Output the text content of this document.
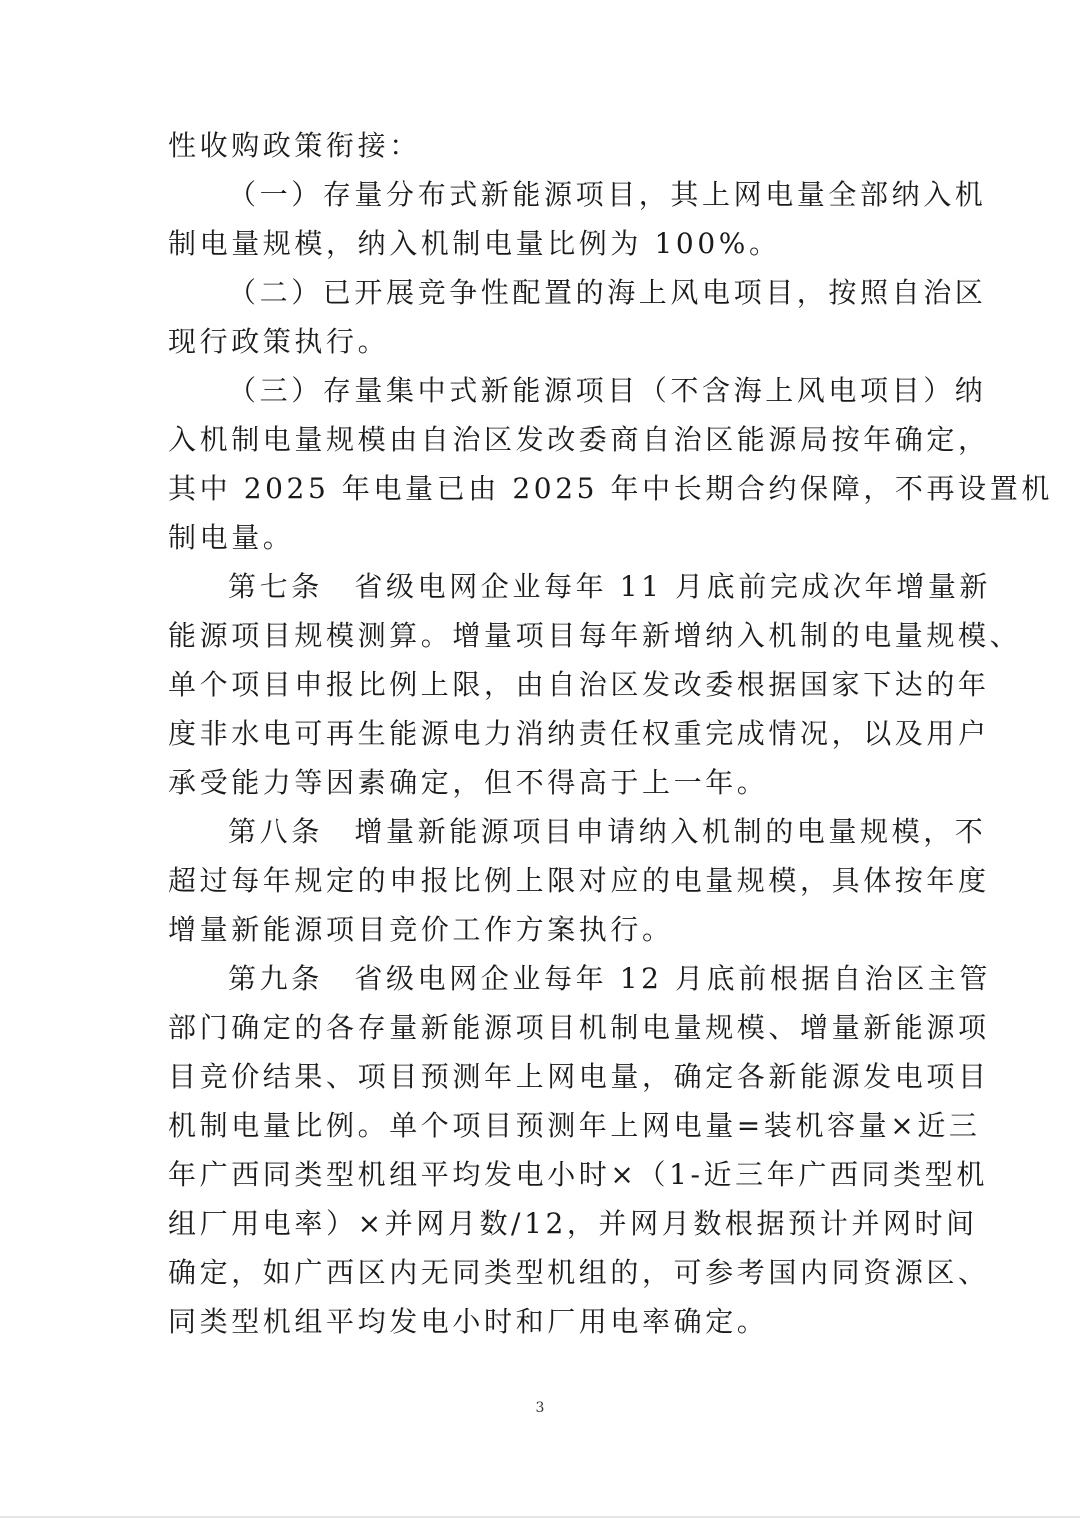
性收购政策衔接：
（一）存量分布式新能源项目，其上网电量全部纳入机
制电量规模，纳入机制电量比例为 100%。
（二）已开展竞争性配置的海上风电项目，按照自治区
现行政策执行。
（三）存量集中式新能源项目（不含海上风电项目）纳
入机制电量规模由自治区发改委商自治区能源局按年确定，
其中 2025 年电量已由 2025 年中长期合约保障，不再设置机
制电量。
第七条　省级电网企业每年 11 月底前完成次年增量新
能源项目规模测算。增量项目每年新增纳入机制的电量规模、
单个项目申报比例上限，由自治区发改委根据国家下达的年
度非水电可再生能源电力消纳责任权重完成情况，以及用户
承受能力等因素确定，但不得高于上一年。
第八条　增量新能源项目申请纳入机制的电量规模，不
超过每年规定的申报比例上限对应的电量规模，具体按年度
增量新能源项目竞价工作方案执行。
第九条　省级电网企业每年 12 月底前根据自治区主管
部门确定的各存量新能源项目机制电量规模、增量新能源项
目竞价结果、项目预测年上网电量，确定各新能源发电项目
机制电量比例。单个项目预测年上网电量=装机容量×近三
年广西同类型机组平均发电小时×（1-近三年广西同类型机
组厂用电率）×并网月数/12，并网月数根据预计并网时间
确定，如广西区内无同类型机组的，可参考国内同资源区、
同类型机组平均发电小时和厂用电率确定。
3
